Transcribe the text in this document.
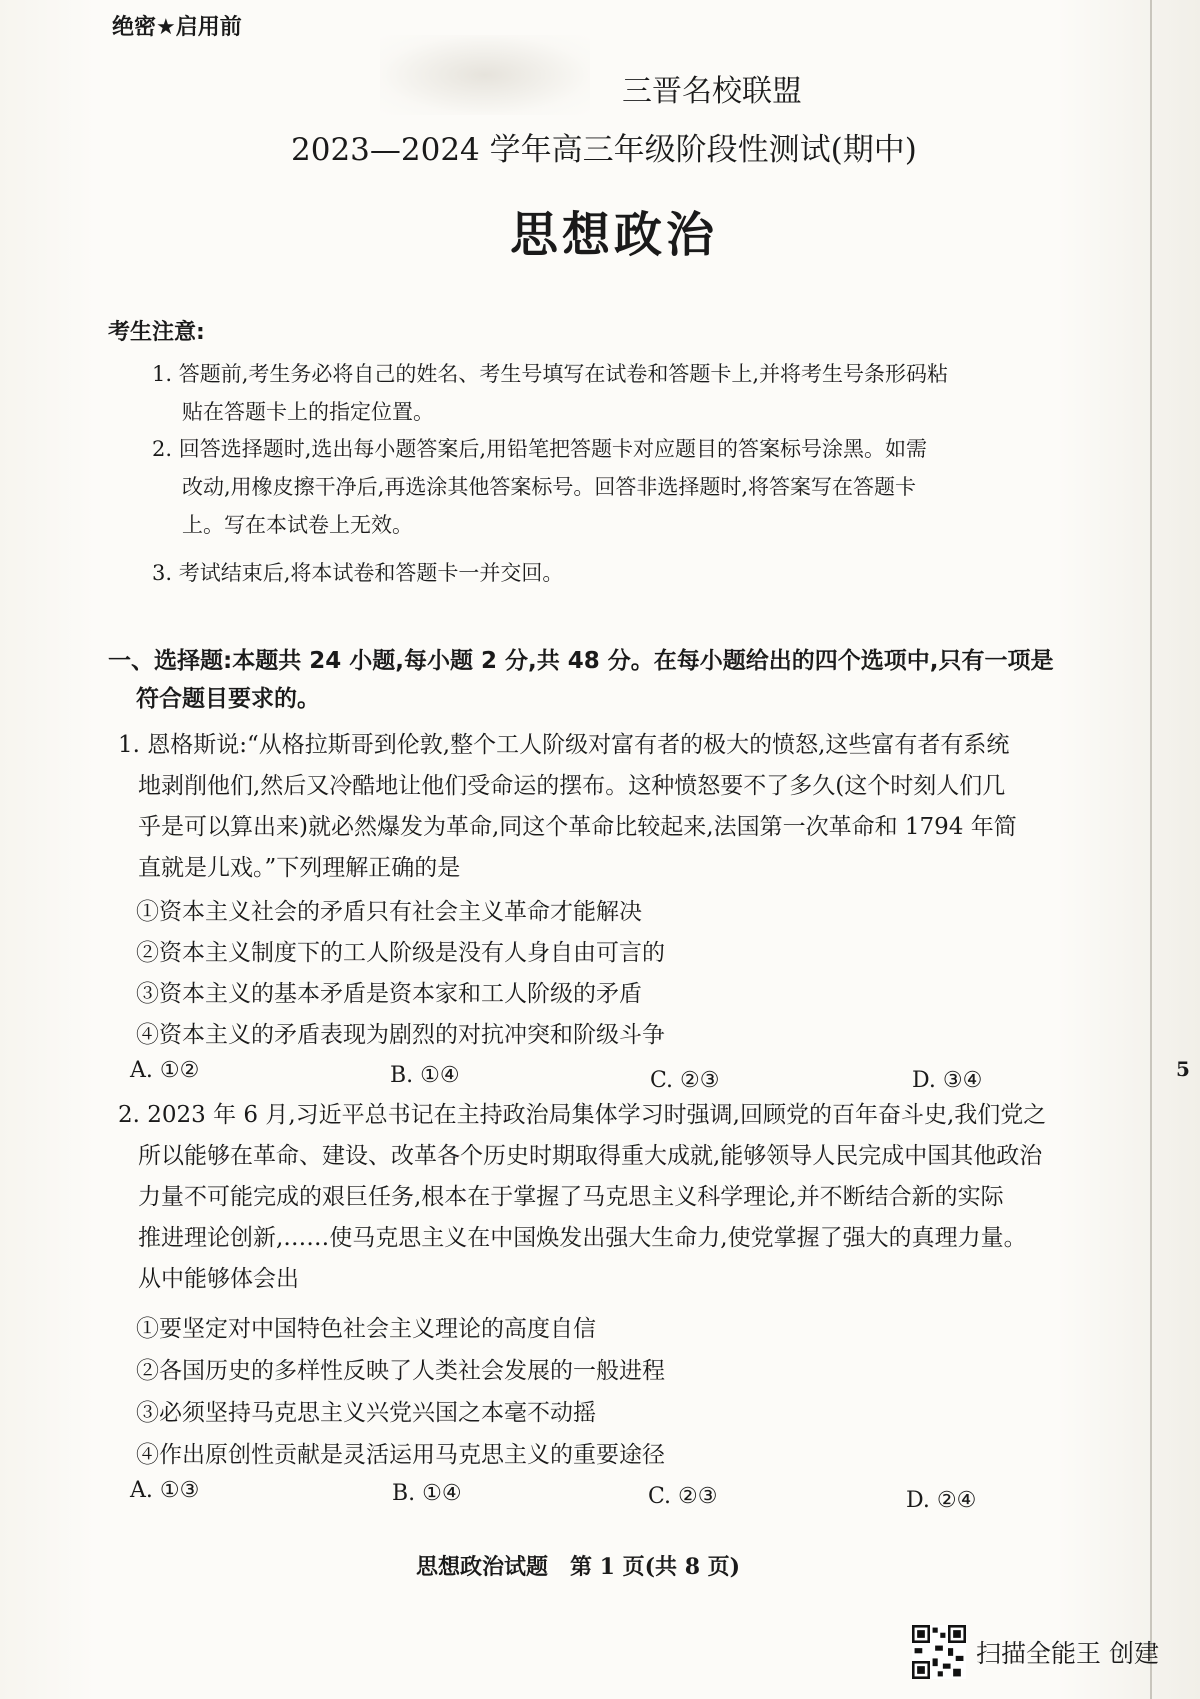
绝密★启用前
三晋名校联盟
2023—2024 学年高三年级阶段性测试(期中)
思想政治
考生注意:
1. 答题前,考生务必将自己的姓名、考生号填写在试卷和答题卡上,并将考生号条形码粘
贴在答题卡上的指定位置。
2. 回答选择题时,选出每小题答案后,用铅笔把答题卡对应题目的答案标号涂黑。如需
改动,用橡皮擦干净后,再选涂其他答案标号。回答非选择题时,将答案写在答题卡
上。写在本试卷上无效。
3. 考试结束后,将本试卷和答题卡一并交回。
一、选择题:本题共 24 小题,每小题 2 分,共 48 分。在每小题给出的四个选项中,只有一项是
符合题目要求的。
1. 恩格斯说:“从格拉斯哥到伦敦,整个工人阶级对富有者的极大的愤怒,这些富有者有系统
地剥削他们,然后又冷酷地让他们受命运的摆布。这种愤怒要不了多久(这个时刻人们几
乎是可以算出来)就必然爆发为革命,同这个革命比较起来,法国第一次革命和 1794 年简
直就是儿戏。”下列理解正确的是
①资本主义社会的矛盾只有社会主义革命才能解决
②资本主义制度下的工人阶级是没有人身自由可言的
③资本主义的基本矛盾是资本家和工人阶级的矛盾
④资本主义的矛盾表现为剧烈的对抗冲突和阶级斗争
A. ①②	B. ①④	C. ②③	D. ③④
2. 2023 年 6 月,习近平总书记在主持政治局集体学习时强调,回顾党的百年奋斗史,我们党之
所以能够在革命、建设、改革各个历史时期取得重大成就,能够领导人民完成中国其他政治
力量不可能完成的艰巨任务,根本在于掌握了马克思主义科学理论,并不断结合新的实际
推进理论创新,……使马克思主义在中国焕发出强大生命力,使党掌握了强大的真理力量。
从中能够体会出
①要坚定对中国特色社会主义理论的高度自信
②各国历史的多样性反映了人类社会发展的一般进程
③必须坚持马克思主义兴党兴国之本毫不动摇
④作出原创性贡献是灵活运用马克思主义的重要途径
A. ①③	B. ①④	C. ②③	D. ②④
思想政治试题　第 1 页(共 8 页)
5
扫描全能王 创建
